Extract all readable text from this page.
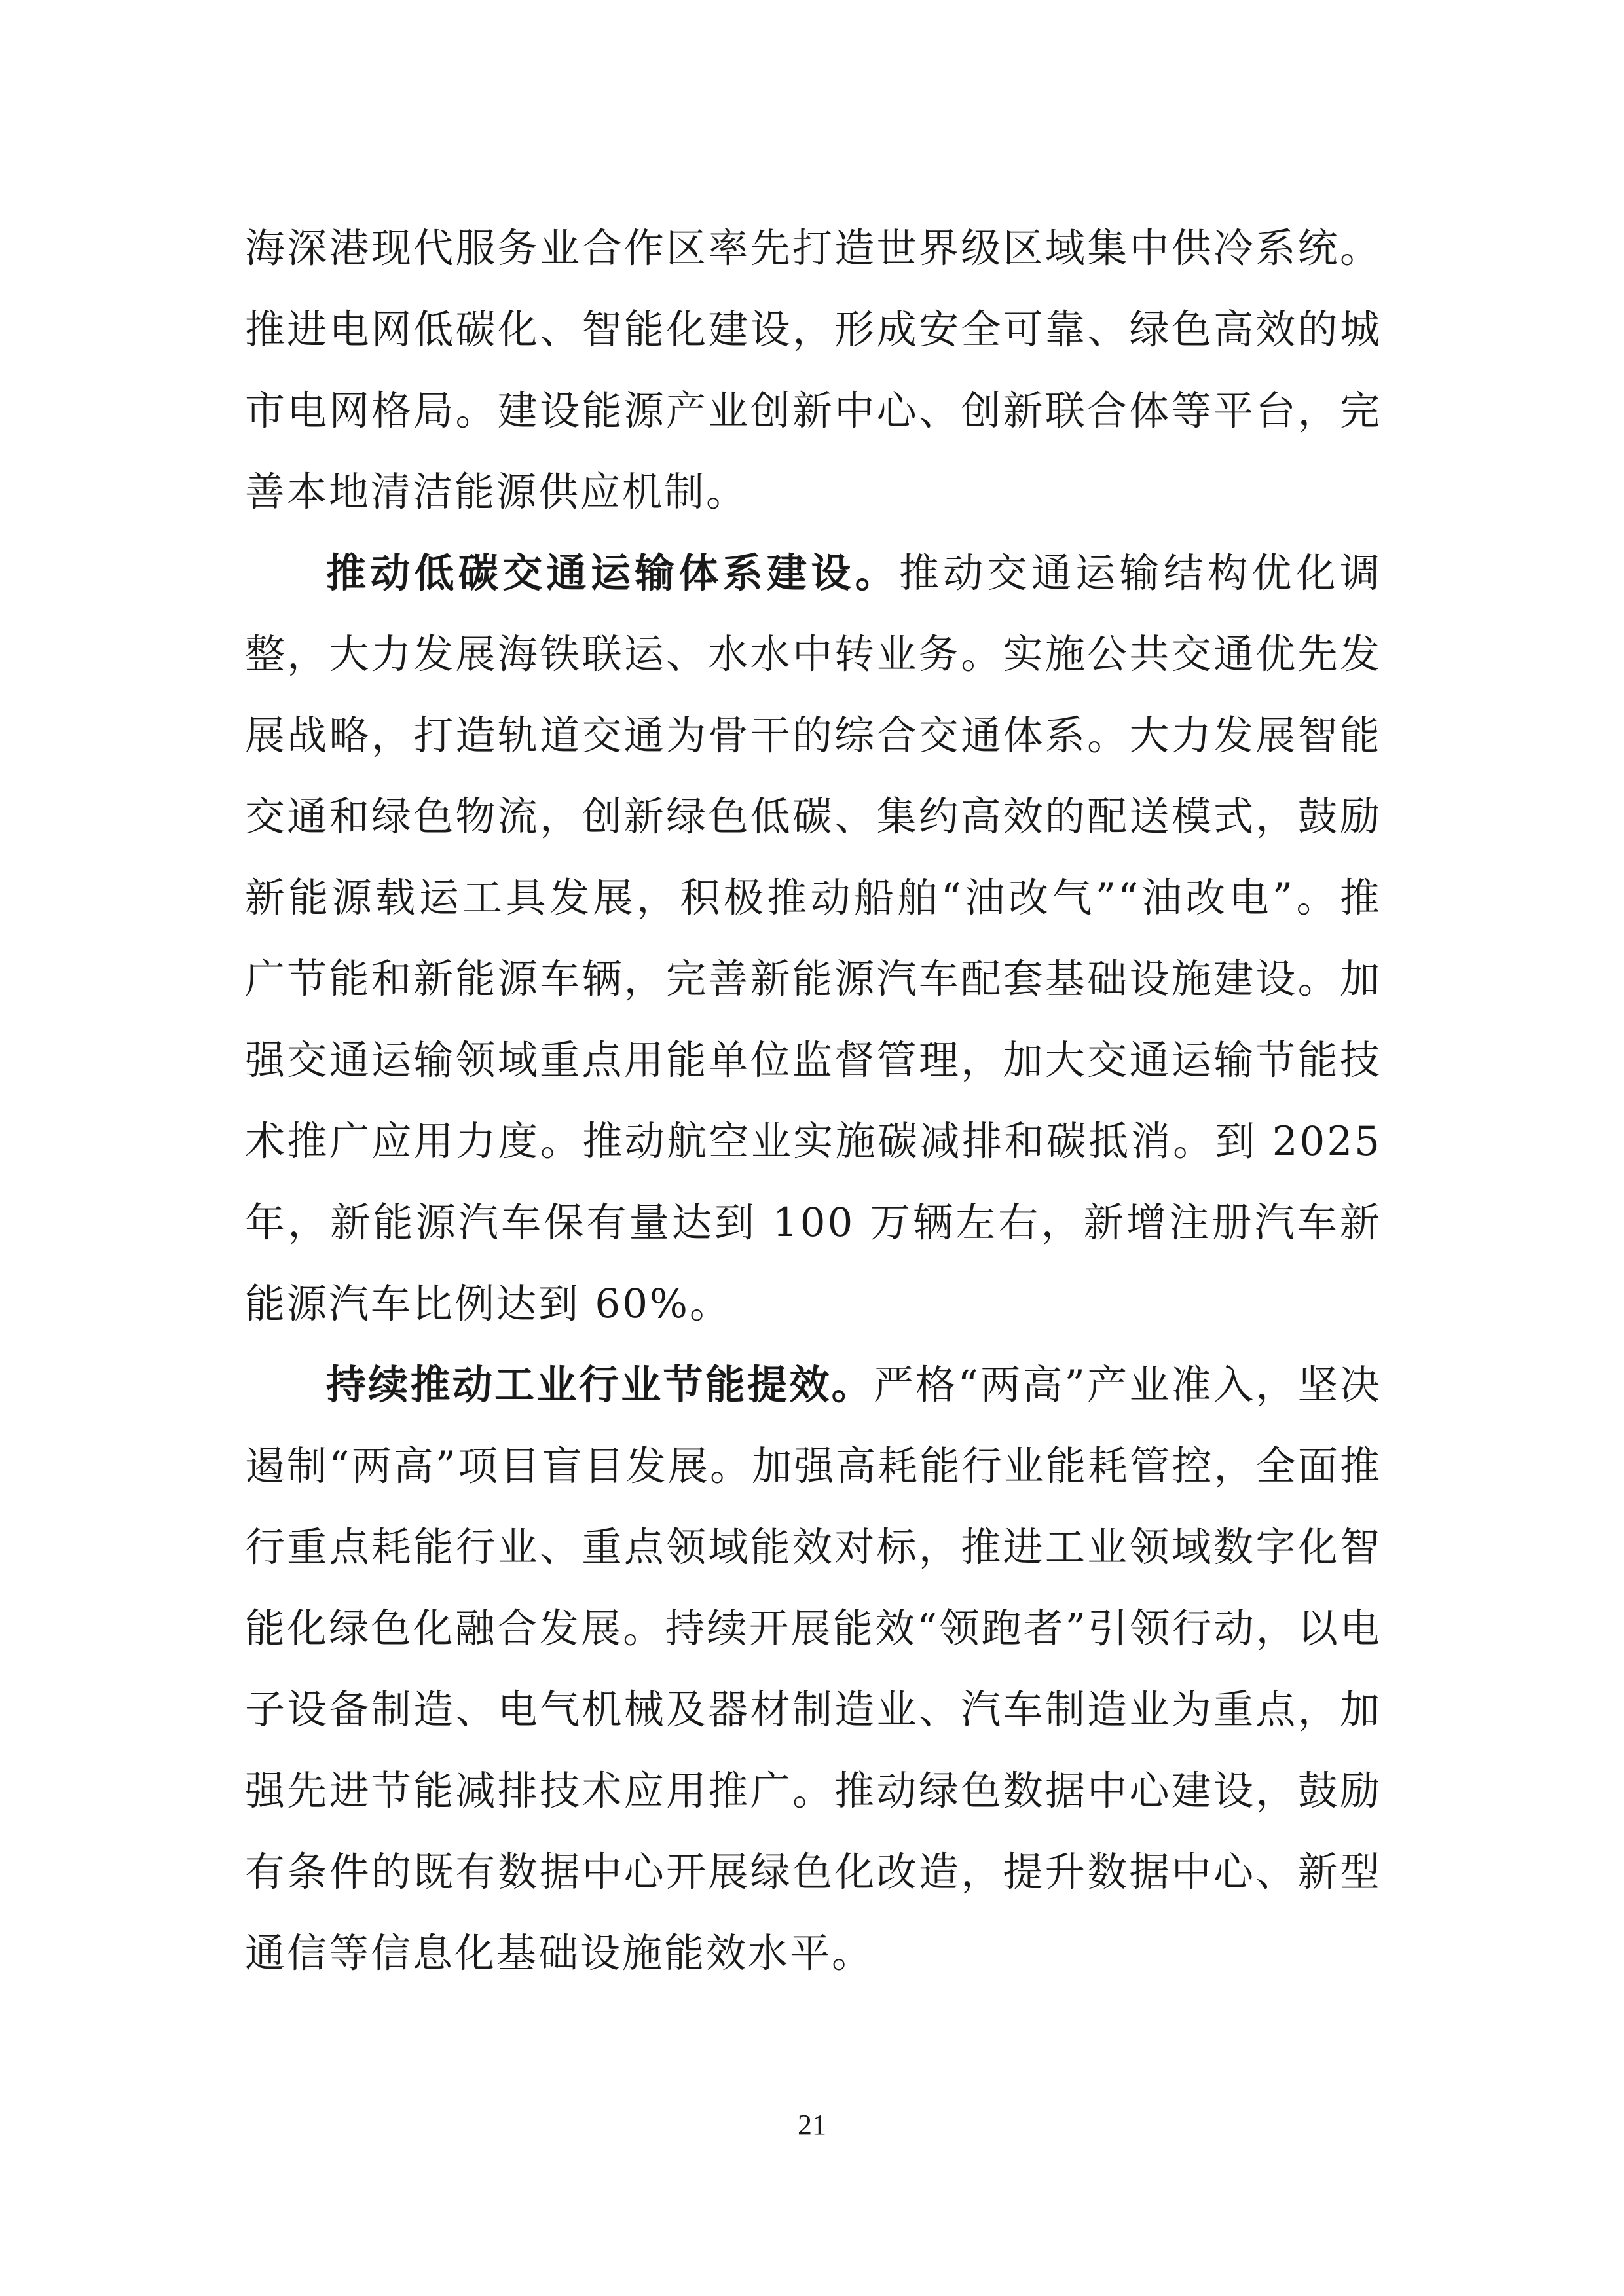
海深港现代服务业合作区率先打造世界级区域集中供冷系统。推进电网低碳化、智能化建设，形成安全可靠、绿色高效的城市电网格局。建设能源产业创新中心、创新联合体等平台，完善本地清洁能源供应机制。

推动低碳交通运输体系建设。推动交通运输结构优化调整，大力发展海铁联运、水水中转业务。实施公共交通优先发展战略，打造轨道交通为骨干的综合交通体系。大力发展智能交通和绿色物流，创新绿色低碳、集约高效的配送模式，鼓励新能源载运工具发展，积极推动船舶“油改气”“油改电”。推广节能和新能源车辆，完善新能源汽车配套基础设施建设。加强交通运输领域重点用能单位监督管理，加大交通运输节能技术推广应用力度。推动航空业实施碳减排和碳抵消。到 2025 年，新能源汽车保有量达到 100 万辆左右，新增注册汽车新能源汽车比例达到 60%。

持续推动工业行业节能提效。严格“两高”产业准入，坚决遏制“两高”项目盲目发展。加强高耗能行业能耗管控，全面推行重点耗能行业、重点领域能效对标，推进工业领域数字化智能化绿色化融合发展。持续开展能效“领跑者”引领行动，以电子设备制造、电气机械及器材制造业、汽车制造业为重点，加强先进节能减排技术应用推广。推动绿色数据中心建设，鼓励有条件的既有数据中心开展绿色化改造，提升数据中心、新型通信等信息化基础设施能效水平。

21
